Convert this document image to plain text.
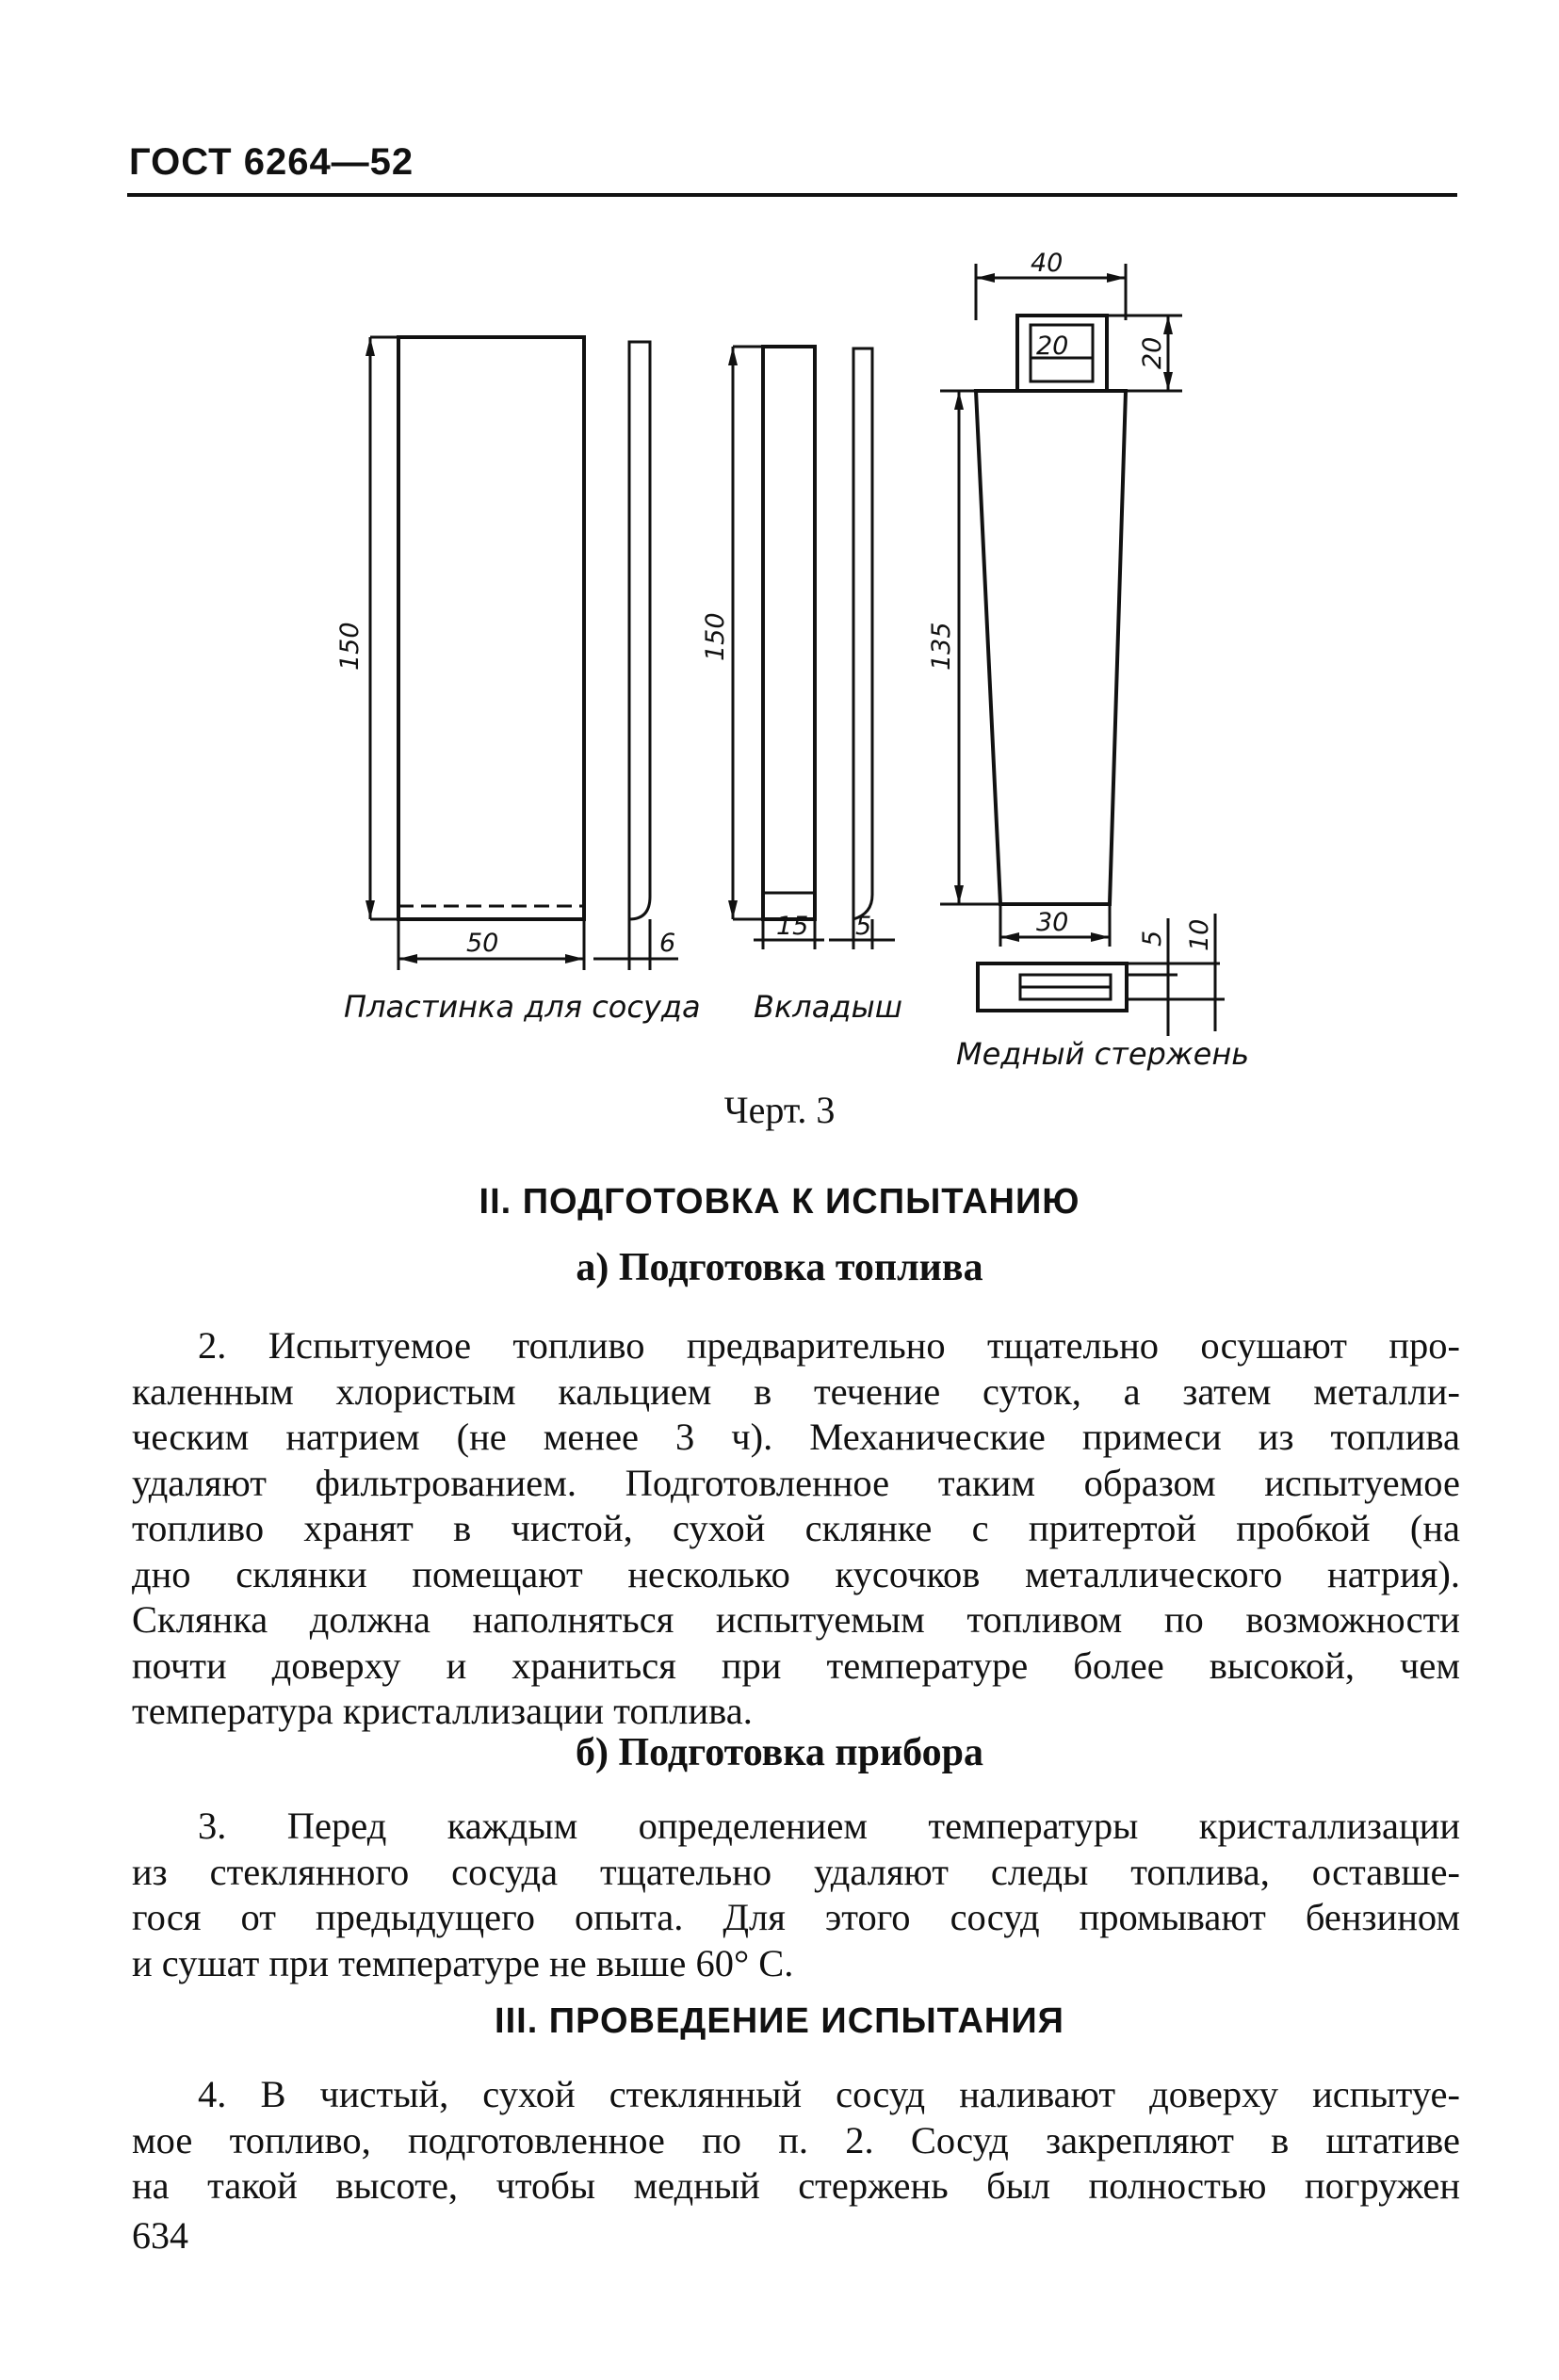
ГОСТ 6264—52
150
50	6
150
15 5
40
20	20
135
30
5 10
Пластинка для сосуда Вкладыш
Медный стержень
Черт. 3
II. ПОДГОТОВКА К ИСПЫТАНИЮ
а) Подготовка топлива
2. Испытуемое топливо предварительно тщательно осушают про-
каленным хлористым кальцием в течение суток, а затем металли-
ческим натрием (не менее 3 ч). Механические примеси из топлива
удаляют фильтрованием. Подготовленное таким образом испытуемое
топливо хранят в чистой, сухой склянке с притертой пробкой (на
дно склянки помещают несколько кусочков металлического натрия).
Склянка должна наполняться испытуемым топливом по возможности
почти доверху и храниться при температуре более высокой, чем
температура кристаллизации топлива.
б) Подготовка прибора
3. Перед каждым определением температуры кристаллизации
из стеклянного сосуда тщательно удаляют следы топлива, оставше-
гося от предыдущего опыта. Для этого сосуд промывают бензином
и сушат при температуре не выше 60° С.
III. ПРОВЕДЕНИЕ ИСПЫТАНИЯ
4. В чистый, сухой стеклянный сосуд наливают доверху испытуе-
мое топливо, подготовленное по п. 2. Сосуд закрепляют в штативе
на такой высоте, чтобы медный стержень был полностью погружен
634
